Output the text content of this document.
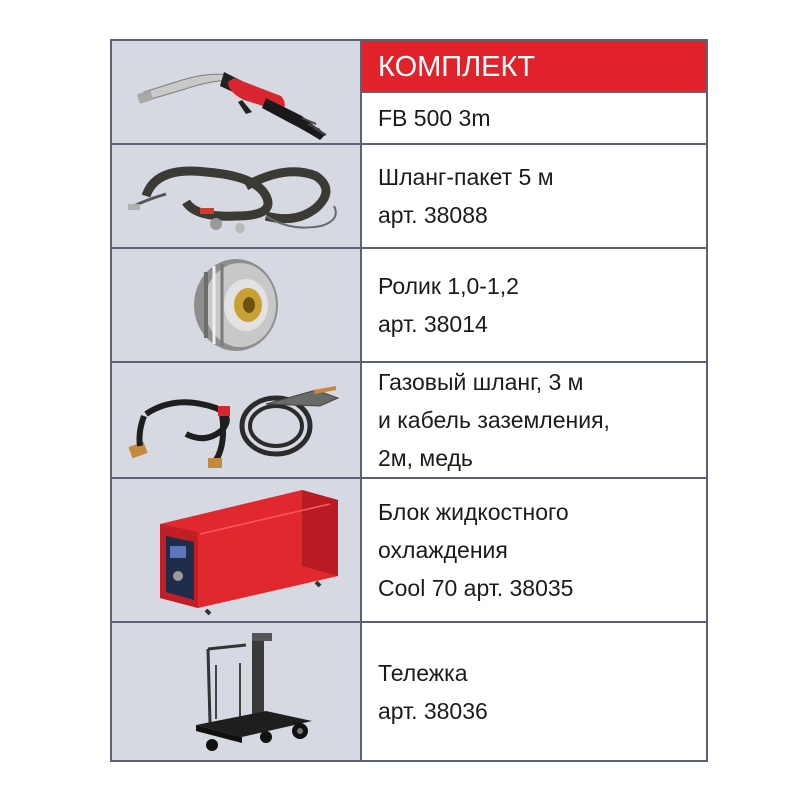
КОМПЛЕКТ
FB 500 3m
Шланг-пакет 5 м
арт. 38088
Ролик 1,0-1,2
арт. 38014
Газовый шланг, 3 м
и кабель заземления,
2м, медь
Блок жидкостного
охлаждения
Cool 70 арт. 38035
Тележка
арт. 38036
